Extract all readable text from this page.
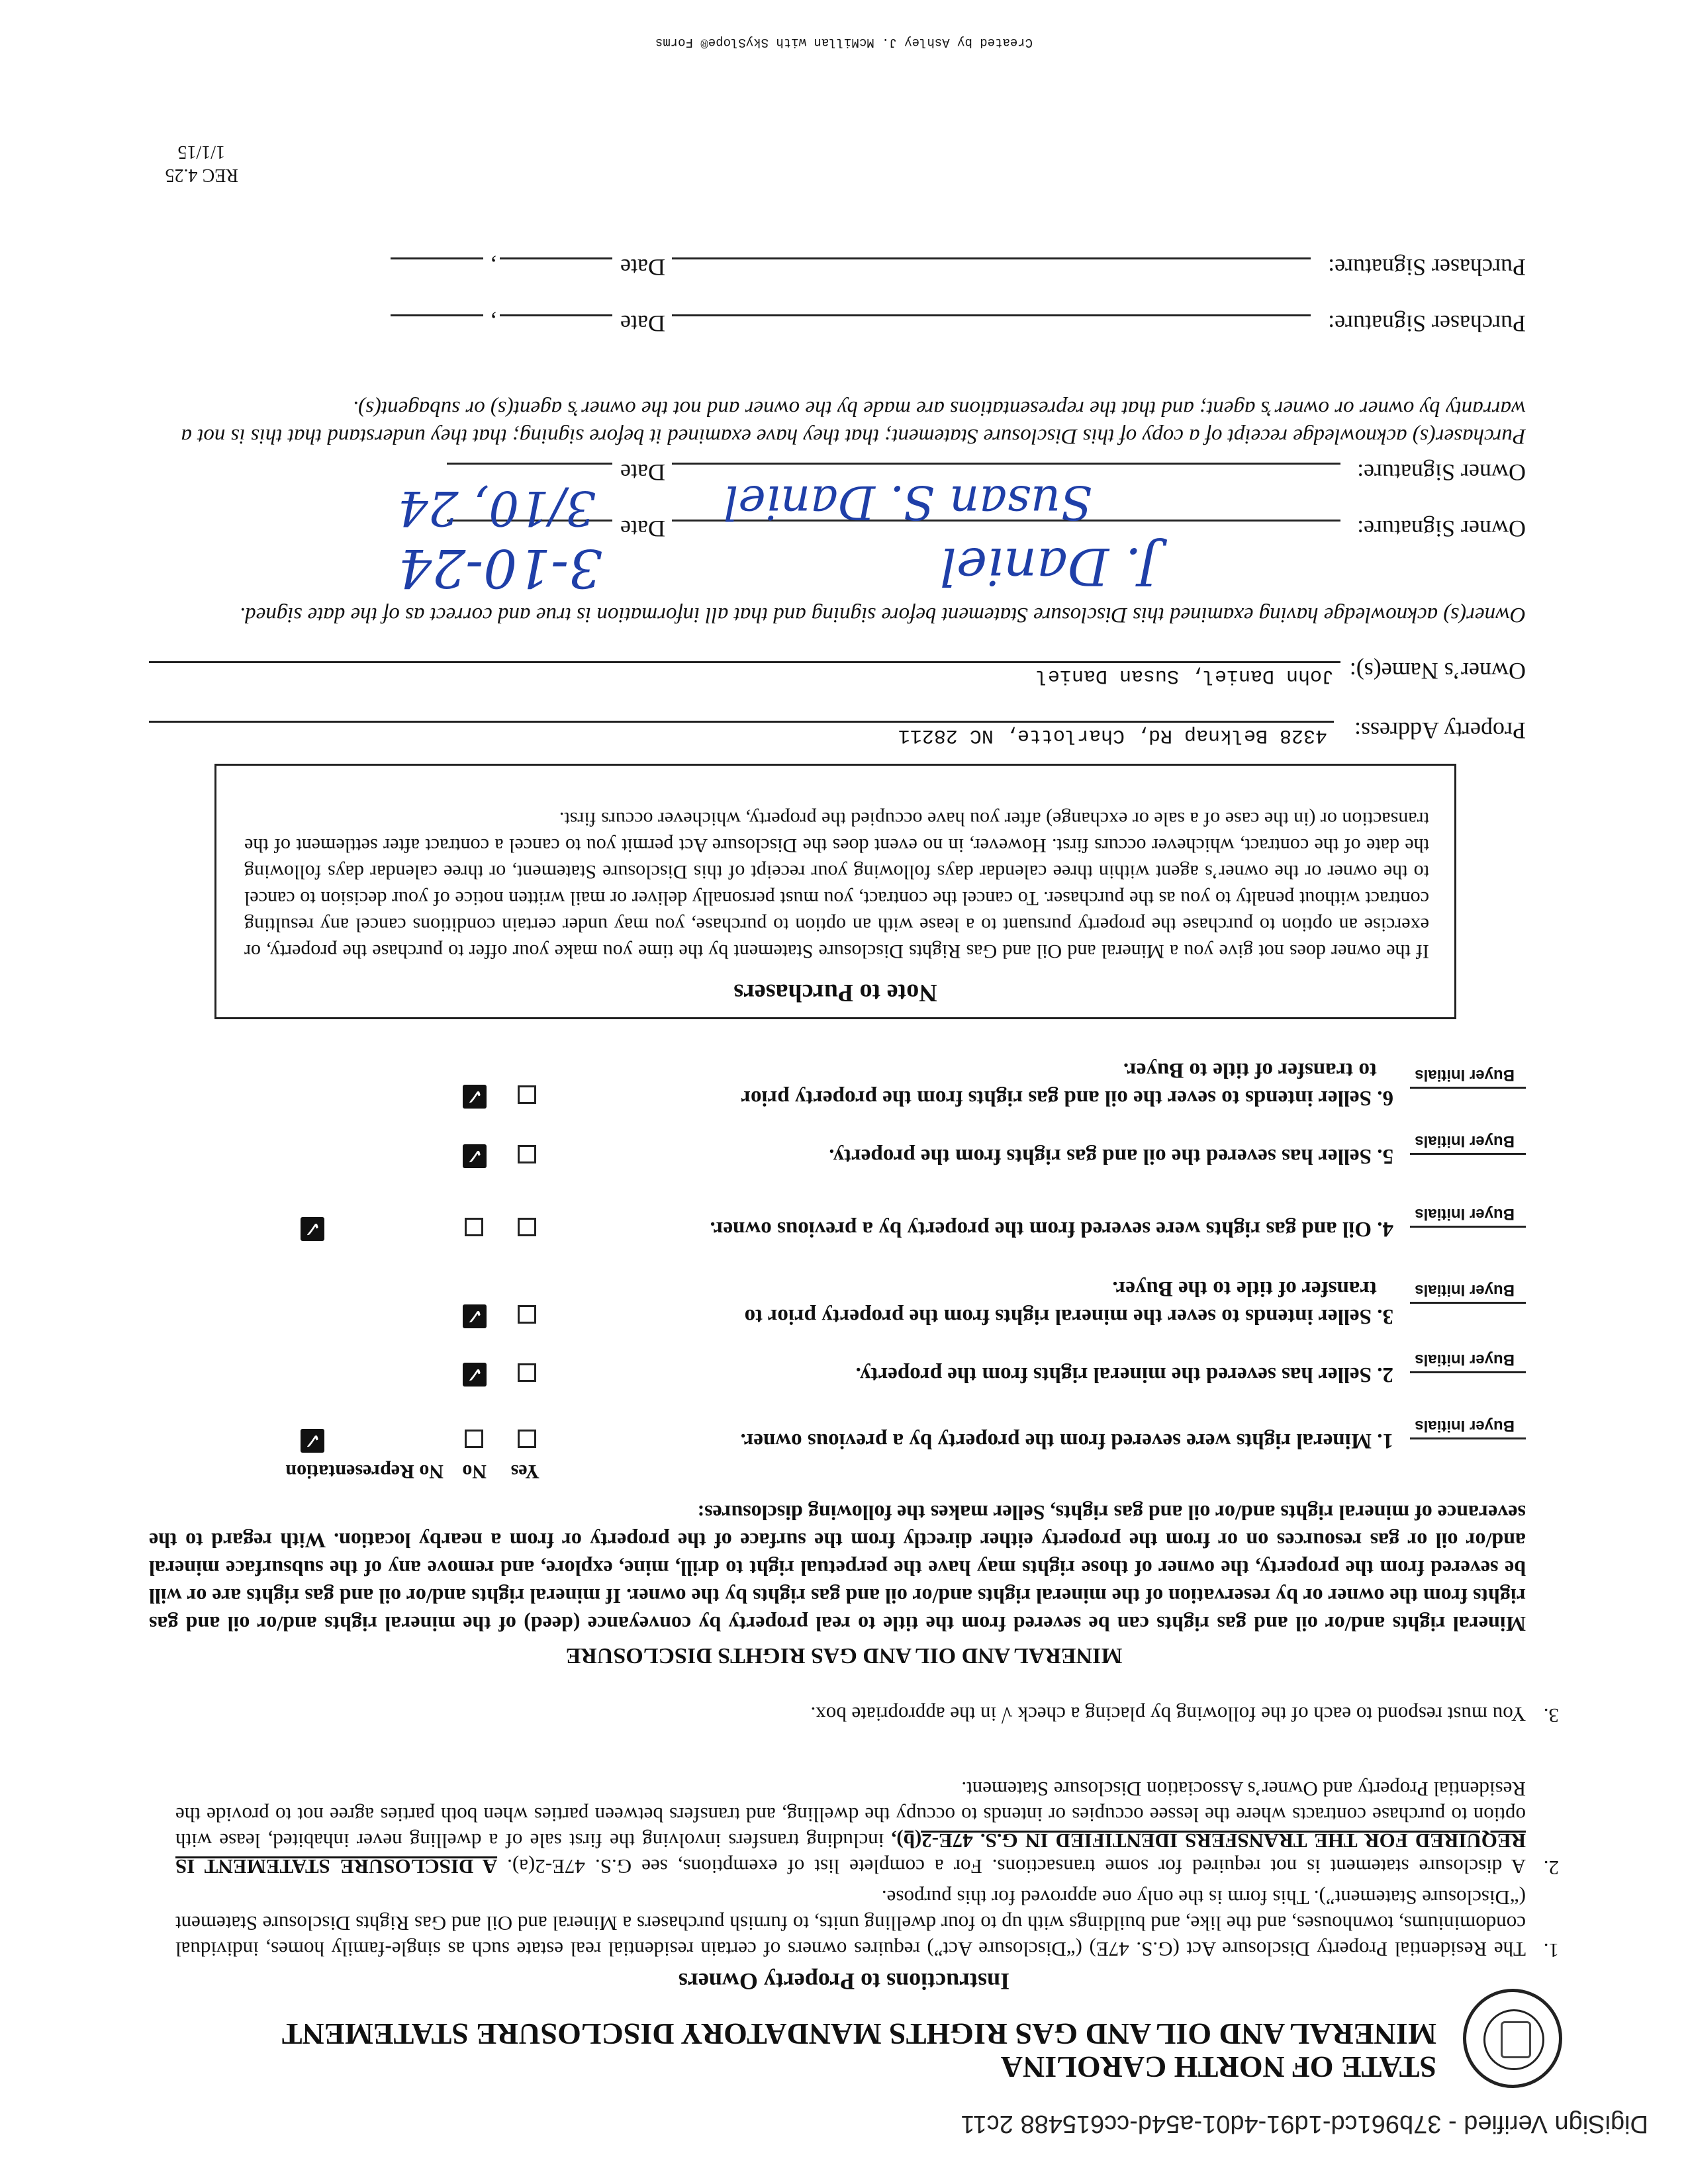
DigiSign Verified - 37b961cd-1d91-4d01-a54d-cc615488 2c11
STATE OF NORTH CAROLINA
MINERAL AND OIL AND GAS RIGHTS MANDATORY DISCLOSURE STATEMENT
Instructions to Property Owners
1.
The Residential Property Disclosure Act (G.S. 47E) (“Disclosure Act”) requires owners of certain residential real estate such as single-family homes, individual condominiums, townhouses, and the like, and buildings with up to four dwelling units, to furnish purchasers a Mineral and Oil and Gas Rights Disclosure Statement (“Disclosure Statement”). This form is the only one approved for this purpose.
2.
A disclosure statement is not required for some transactions. For a complete list of exemptions, see G.S. 47E-2(a). A DISCLOSURE STATEMENT IS REQUIRED FOR THE TRANSFERS IDENTIFIED IN G.S. 47E-2(b), including transfers involving the first sale of a dwelling never inhabited, lease with option to purchase contracts where the lessee occupies or intends to occupy the dwelling, and transfers between parties when both parties agree not to provide the Residential Property and Owner’s Association Disclosure Statement.
3.
You must respond to each of the following by placing a check √ in the appropriate box.
MINERAL AND OIL AND GAS RIGHTS DISCLOSURE
Mineral rights and/or oil and gas rights can be severed from the title to real property by conveyance (deed) of the mineral rights and/or oil and gas rights from the owner or by reservation of the mineral rights and/or oil and gas rights by the owner. If mineral rights and/or oil and gas rights are or will be severed from the property, the owner of those rights may have the perpetual right to drill, mine, explore, and remove any of the subsurface mineral and/or oil or gas resources on or from the property either directly from the surface of the property or from a nearby location. With regard to the severance of mineral rights and/or oil and gas rights, Seller makes the following disclosures:
Yes
No
No Representation
Buyer Initials
1. Mineral rights were severed from the property by a previous owner.
✓
Buyer Initials
2. Seller has severed the mineral rights from the property.
✓
Buyer Initials
3. Seller intends to sever the mineral rights from the property prior to
transfer of title to the Buyer.
✓
Buyer Initials
4. Oil and gas rights were severed from the property by a previous owner.
✓
Buyer Initials
5. Seller has severed the oil and gas rights from the property.
✓
Buyer Initials
6. Seller intends to sever the oil and gas rights from the property prior
to transfer of title to Buyer.
✓
Note to Purchasers
If the owner does not give you a Mineral and Oil and Gas Rights Disclosure Statement by the time you make your offer to purchase the property, or exercise an option to purchase the property pursuant to a lease with an option to purchase, you may under certain conditions cancel any resulting contract without penalty to you as the purchaser. To cancel the contract, you must personally deliver or mail written notice of your decision to cancel to the owner or the owner’s agent within three calendar days following your receipt of this Disclosure Statement, or three calendar days following the date of the contract, whichever occurs first. However, in no event does the Disclosure Act permit you to cancel a contract after settlement of the transaction or (in the case of a sale or exchange) after you have occupied the property, whichever occurs first.
Property Address:
4328 Belknap Rd, Charlotte, NC 28211
Owner’s Name(s):
John Daniel, Susan Daniel
Owner(s) acknowledge having examined this Disclosure Statement before signing and that all information is true and correct as of the date signed.
Owner Signature:
J. Daniel
Date
3-10-24
Owner Signature:
Susan S. Daniel
Date
3/10, 24
Purchaser(s) acknowledge receipt of a copy of this Disclosure Statement; that they have examined it before signing; that they understand that this is not a warranty by owner or owner’s agent; and that the representations are made by the owner and not the owner’s agent(s) or subagent(s).
Purchaser Signature:
Date
,
Purchaser Signature:
Date
,
REC 4.25
1/1/15
Created by Ashley J. McMillan with SkySlope® Forms
